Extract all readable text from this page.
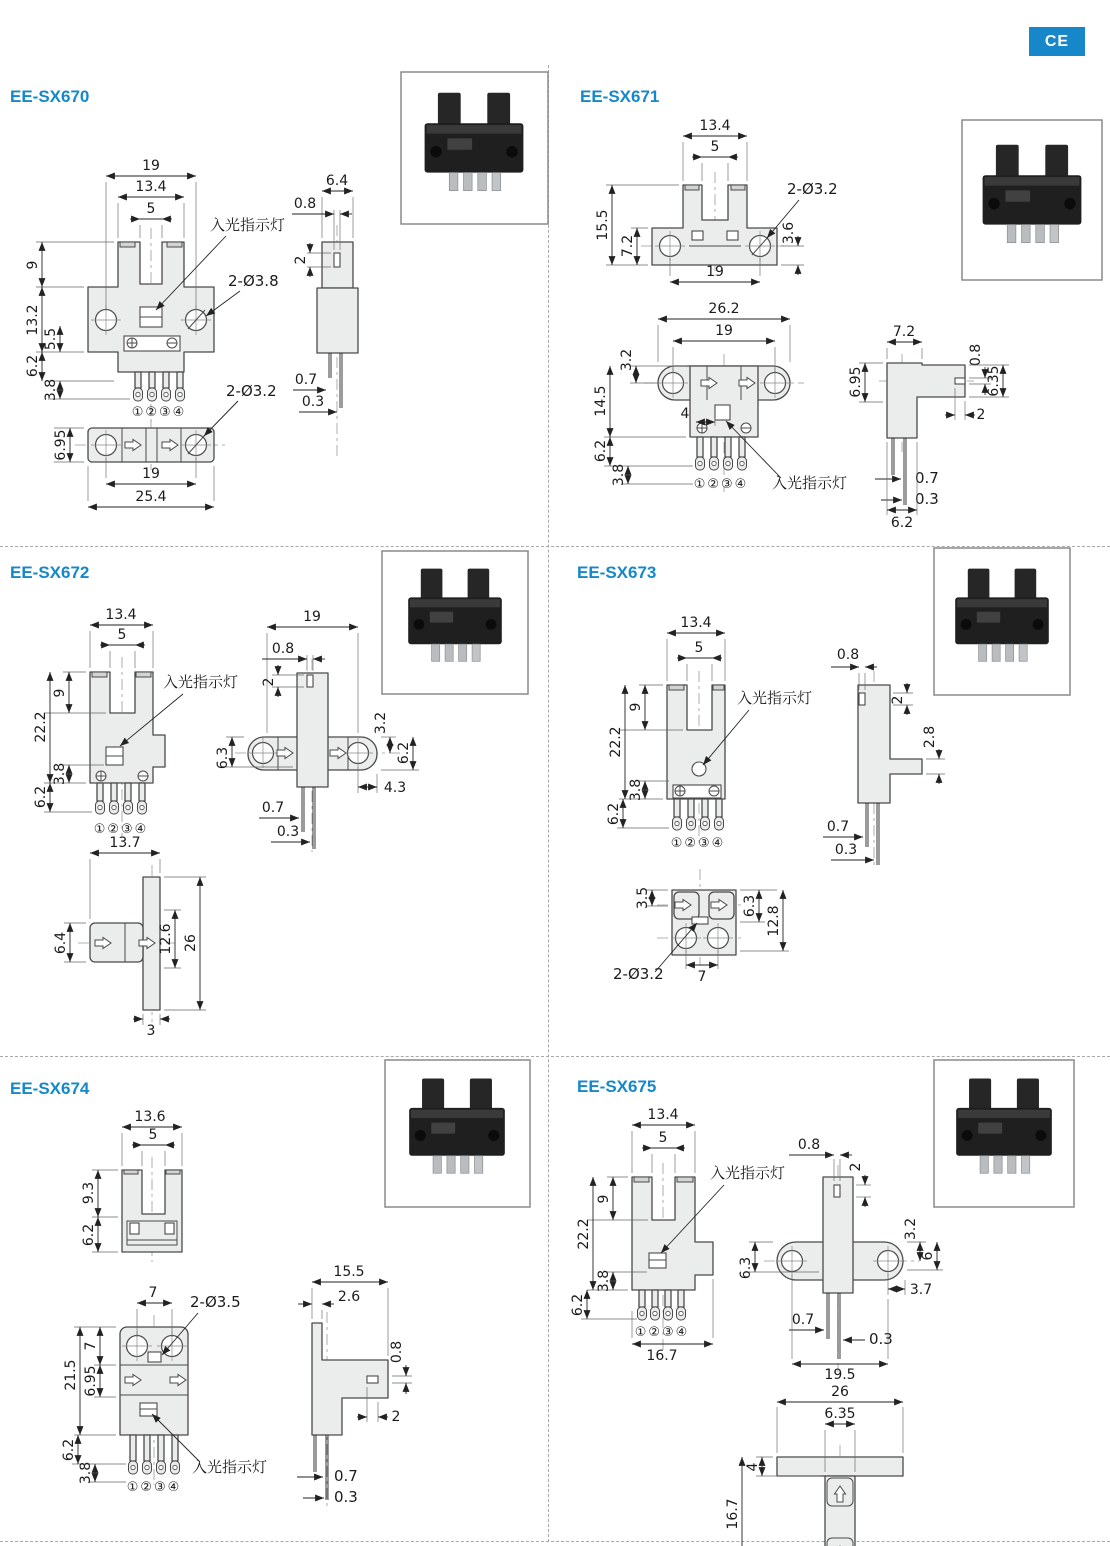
CE
EE-SX670
①②③④
19
13.4
5
9
13.2
5.5
6.2
3.8
入光指示灯
2-Ø3.8
6.4
0.8
2
0.7
0.3
6.95
2-Ø3.2
19
25.4
EE-SX671
13.4
5
15.5
7.2
2-Ø3.2
3.6
19
①②③④
26.2
19
3.2
14.5
6.2
3.8
4
入光指示灯
7.2
6.95
0.8
6.35
2
0.7
0.3
6.2
EE-SX672
①②③④
13.4
5
9
22.2
3.8
6.2
入光指示灯
19
0.8
2
3.2
6.2
6.3
4.3
0.7
0.3
13.7
6.4	12.6 26
3
EE-SX673
①②③④
13.4
5
9
22.2
3.8
6.2
入光指示灯
0.8
2
2.8
0.7
0.3
3.5	6.3 12.8
2-Ø3.2 7
EE-SX674
13.6
5
9.3
6.2
①②③④
7 2-Ø3.5
21.5
7
6.95
6.2
3.8	入光指示灯
15.5
2.6
0.8
2
0.7
0.3
EE-SX675
①②③④
13.4
5
9
22.2
3.8
6.2
16.7
入光指示灯
0.8
2
3.2
6
6.3
3.7
0.7
0.3
19.5
26
6.35
4
16.7
